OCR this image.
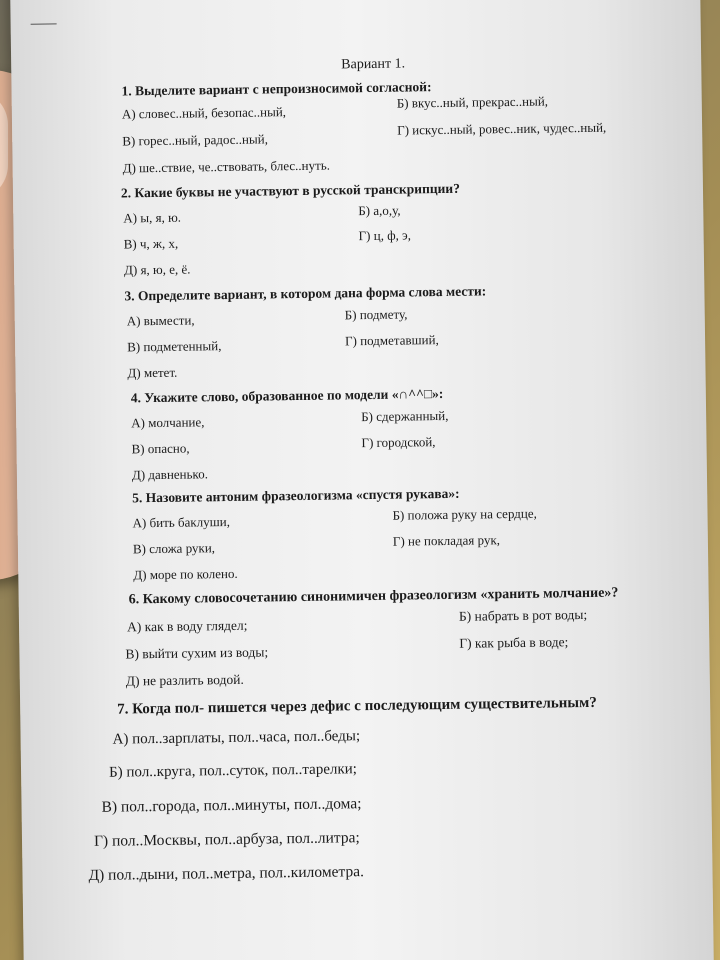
Вариант 1.
1. Выделите вариант с непроизносимой согласной:
А) словес..ный, безопас..ный,
Б) вкус..ный, прекрас..ный,
В) горес..ный, радос..ный,
Г) искус..ный, ровес..ник, чудес..ный,
Д) ше..ствие, че..ствовать, блес..нуть.
2. Какие буквы не участвуют в русской транскрипции?
А) ы, я, ю.	Б) а,о,у,
В) ч, ж, х,
Г) ц, ф, э,
Д) я, ю, е, ё.
3. Определите вариант, в котором дана форма слова мести:
А) вымести,	Б) подмету,
В) подметенный,	Г) подметавший,
Д) метет.
4. Укажите слово, образованное по модели «∩^^□»:
А) молчание,	Б) сдержанный,
В) опасно,	Г) городской,
Д) давненько.
5. Назовите антоним фразеологизма «спустя рукава»:
А) бить баклуши,	Б) положа руку на сердце,
В) сложа руки,	Г) не покладая рук,
Д) море по колено.
6. Какому словосочетанию синонимичен фразеологизм «хранить молчание»?
А) как в воду глядел;
Б) набрать в рот воды;
В) выйти сухим из воды;
Г) как рыба в воде;
Д) не разлить водой.
7. Когда пол- пишется через дефис с последующим существительным?
А) пол..зарплаты, пол..часа, пол..беды;
Б) пол..круга, пол..суток, пол..тарелки;
В) пол..города, пол..минуты, пол..дома;
Г) пол..Москвы, пол..арбуза, пол..литра;
Д) пол..дыни, пол..метра, пол..километра.
